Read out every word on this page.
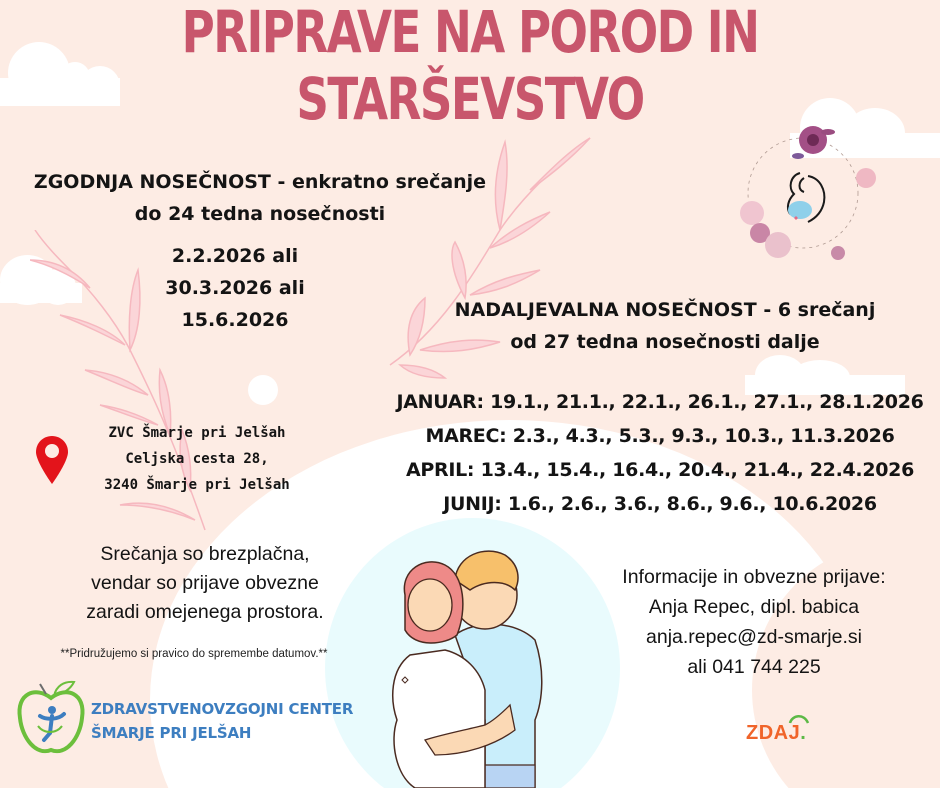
PRIPRAVE NA POROD IN
STARŠEVSTVO
ZGODNJA NOSEČNOST - enkratno srečanje
do 24 tedna nosečnosti
2.2.2026 ali
30.3.2026 ali
15.6.2026	NADALJEVALNA NOSEČNOST - 6 srečanj
od 27 tedna nosečnosti dalje
JANUAR: 19.1., 21.1., 22.1., 26.1., 27.1., 28.1.2026
MAREC: 2.3., 4.3., 5.3., 9.3., 10.3., 11.3.2026
APRIL: 13.4., 15.4., 16.4., 20.4., 21.4., 22.4.2026
JUNIJ: 1.6., 2.6., 3.6., 8.6., 9.6., 10.6.2026
ZVC Šmarje pri Jelšah
Celjska cesta 28,
3240 Šmarje pri Jelšah
Srečanja so brezplačna,
vendar so prijave obvezne
zaradi omejenega prostora.
**Pridružujemo si pravico do spremembe datumov.**
Informacije in obvezne prijave:
Anja Repec, dipl. babica
anja.repec@zd-smarje.si
ali 041 744 225
ZDRAVSTVENOVZGOJNI CENTER
ŠMARJE PRI JELŠAH	ZDAJ.
